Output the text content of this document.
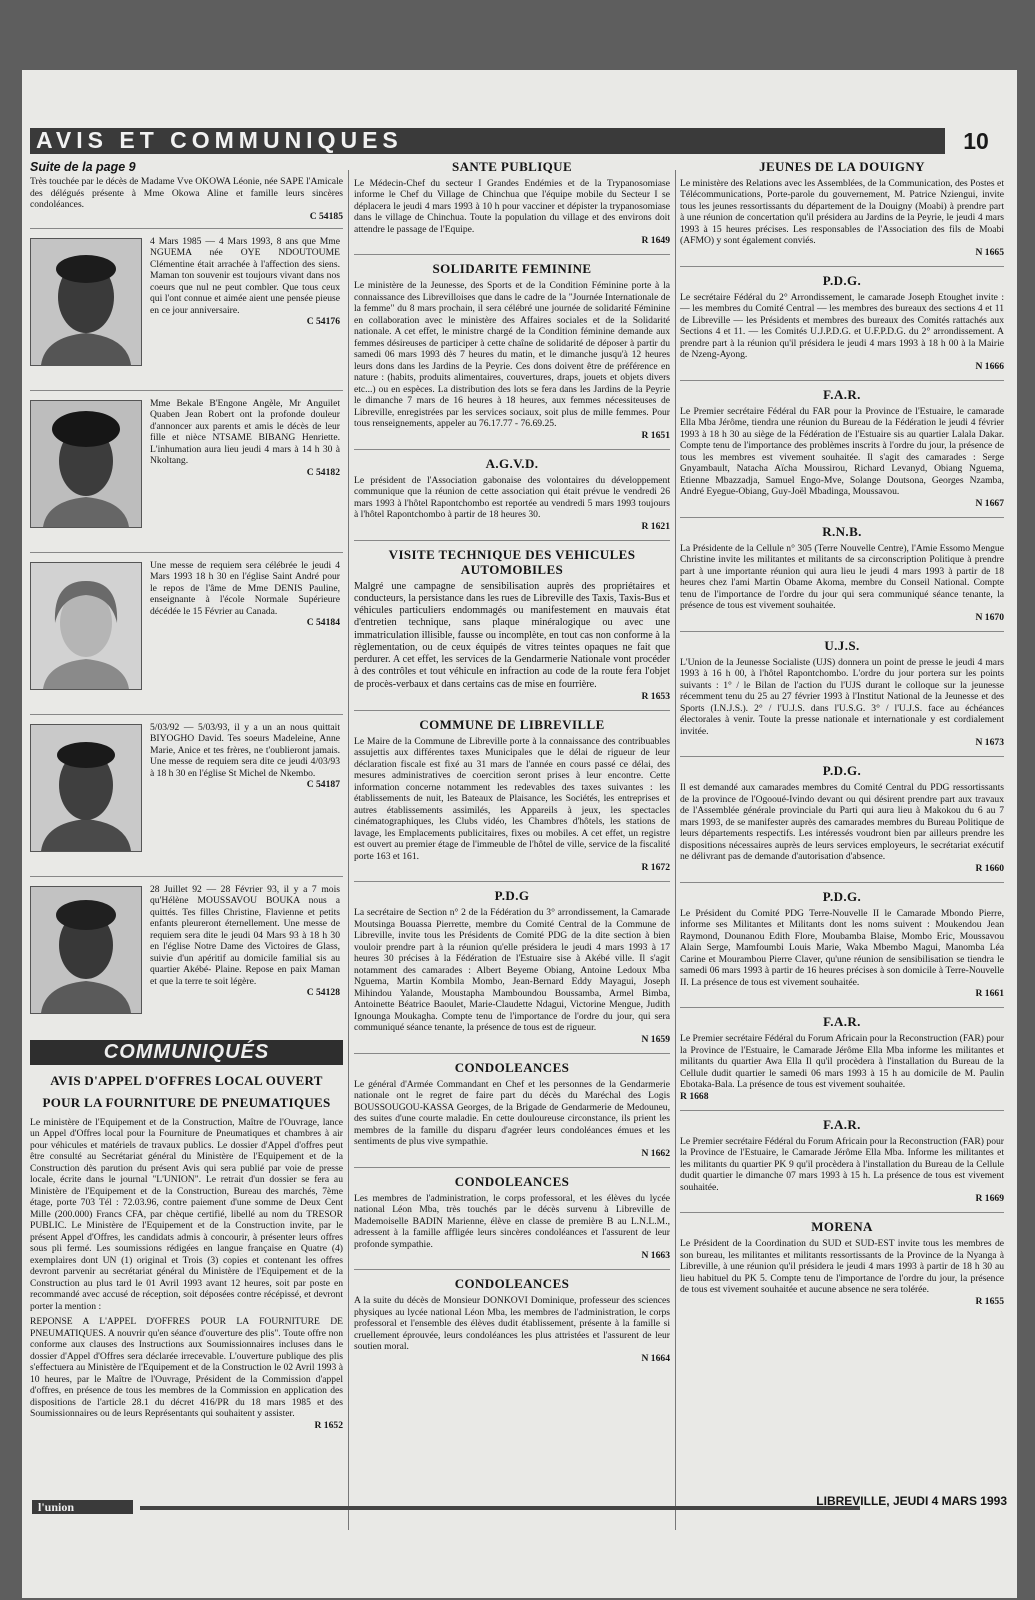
AVIS ET COMMUNIQUES	10
Suite de la page 9

Très touchée par le décès de Madame Vve OKOWA Léonie, née SAPE l'Amicale des délégués présente à Mme Okowa Aline et famille leurs sincères condoléances.

C 54185

4 Mars 1985 — 4 Mars 1993, 8 ans que Mme NGUEMA née OYE NDOUTOUME Clémentine était arrachée à l'affection des siens. Maman ton souvenir est toujours vivant dans nos coeurs que nul ne peut combler. Que tous ceux qui l'ont connue et aimée aient une pensée pieuse en ce jour anniversaire.

C 54176

Mme Bekale B'Engone Angèle, Mr Anguilet Quaben Jean Robert ont la profonde douleur d'annoncer aux parents et amis le décès de leur fille et nièce NTSAME BIBANG Henriette. L'inhumation aura lieu jeudi 4 mars à 14 h 30 à Nkoltang.

C 54182

Une messe de requiem sera célébrée le jeudi 4 Mars 1993 18 h 30 en l'église Saint André pour le repos de l'âme de Mme DENIS Pauline, enseignante à l'école Normale Supérieure décédée le 15 Février au Canada.

C 54184

5/03/92 — 5/03/93, il y a un an nous quittait BIYOGHO David. Tes soeurs Madeleine, Anne Marie, Anice et tes frères, ne t'oublieront jamais. Une messe de requiem sera dite ce jeudi 4/03/93 à 18 h 30 en l'église St Michel de Nkembo.

C 54187

28 Juillet 92 — 28 Février 93, il y a 7 mois qu'Hélène MOUSSAVOU BOUKA nous a quittés. Tes filles Christine, Flavienne et petits enfants pleureront éternellement. Une messe de requiem sera dite le jeudi 04 Mars 93 à 18 h 30 en l'église Notre Dame des Victoires de Glass, suivie d'un apéritif au domicile familial sis au quartier Akébé- Plaine. Repose en paix Maman et que la terre te soit légère.

C 54128

COMMUNIQUÉS
AVIS D'APPEL D'OFFRES LOCAL OUVERT
POUR LA FOURNITURE DE PNEUMATIQUES

Le ministère de l'Equipement et de la Construction, Maître de l'Ouvrage, lance un Appel d'Offres local pour la Fourniture de Pneumatiques et chambres à air pour véhicules et matériels de travaux publics. Le dossier d'Appel d'offres peut être consulté au Secrétariat général du Ministère de l'Equipement et de la Construction dès parution du présent Avis qui sera publié par voie de presse locale, écrite dans le journal "L'UNION". Le retrait d'un dossier se fera au Ministère de l'Equipement et de la Construction, Bureau des marchés, 7ème étage, porte 703 Tél : 72.03.96, contre paiement d'une somme de Deux Cent Mille (200.000) Francs CFA, par chèque certifié, libellé au nom du TRESOR PUBLIC. Le Ministère de l'Equipement et de la Construction invite, par le présent Appel d'Offres, les candidats admis à concourir, à présenter leurs offres sous pli fermé. Les soumissions rédigées en langue française en Quatre (4) exemplaires dont UN (1) original et Trois (3) copies et contenant les offres devront parvenir au secrétariat général du Ministère de l'Equipement et de la Construction au plus tard le 01 Avril 1993 avant 12 heures, soit par poste en recommandé avec accusé de réception, soit déposées contre récépissé, et devront porter la mention :

REPONSE A L'APPEL D'OFFRES POUR LA FOURNITURE DE PNEUMATIQUES. A nouvrir qu'en séance d'ouverture des plis". Toute offre non conforme aux clauses des Instructions aux Soumissionnaires incluses dans le dossier d'Appel d'Offres sera déclarée irrecevable. L'ouverture publique des plis s'effectuera au Ministère de l'Equipement et de la Construction le 02 Avril 1993 à 10 heures, par le Maître de l'Ouvrage, Président de la Commission d'appel d'offres, en présence de tous les membres de la Commission en application des dispositions de l'article 28.1 du décret 416/PR du 18 mars 1985 et des Soumissionnaires ou de leurs Représentants qui souhaitent y assister.

R 1652

SANTE PUBLIQUE

Le Médecin-Chef du secteur I Grandes Endémies et de la Trypanosomiase informe le Chef du Village de Chinchua que l'équipe mobile du Secteur I se déplacera le jeudi 4 mars 1993 à 10 h pour vacciner et dépister la trypanosomiase dans le village de Chinchua. Toute la population du village et des environs doit attendre le passage de l'Equipe.

R 1649

SOLIDARITE FEMININE

Le ministère de la Jeunesse, des Sports et de la Condition Féminine porte à la connaissance des Librevilloises que dans le cadre de la "Journée Internationale de la femme" du 8 mars prochain, il sera célébré une journée de solidarité Féminine en collaboration avec le ministère des Affaires sociales et de la Solidarité nationale. A cet effet, le ministre chargé de la Condition féminine demande aux femmes désireuses de participer à cette chaîne de solidarité de déposer à partir du samedi 06 mars 1993 dès 7 heures du matin, et le dimanche jusqu'à 12 heures leurs dons dans les Jardins de la Peyrie. Ces dons doivent être de préférence en nature : (habits, produits alimentaires, couvertures, draps, jouets et objets divers etc...) ou en espèces. La distribution des lots se fera dans les Jardins de la Peyrie le dimanche 7 mars de 16 heures à 18 heures, aux femmes nécessiteuses de Libreville, enregistrées par les services sociaux, soit plus de mille femmes. Pour tous renseignements, appeler au 76.17.77 - 76.69.25.

R 1651

A.G.V.D.

Le président de l'Association gabonaise des volontaires du développement communique que la réunion de cette association qui était prévue le vendredi 26 mars 1993 à l'hôtel Rapontchombo est reportée au vendredi 5 mars 1993 toujours à l'hôtel Rapontchombo à partir de 18 heures 30.

R 1621

VISITE TECHNIQUE DES VEHICULES AUTOMOBILES

Malgré une campagne de sensibilisation auprès des propriétaires et conducteurs, la persistance dans les rues de Libreville des Taxis, Taxis-Bus et véhicules particuliers endommagés ou manifestement en mauvais état d'entretien technique, sans plaque minéralogique ou avec une immatriculation illisible, fausse ou incomplète, en tout cas non conforme à la règlementation, ou de ceux équipés de vitres teintes opaques ne fait que perdurer. A cet effet, les services de la Gendarmerie Nationale vont procéder à des contrôles et tout véhicule en infraction au code de la route fera l'objet de procès-verbaux et dans certains cas de mise en fourrière.

R 1653

COMMUNE DE LIBREVILLE

Le Maire de la Commune de Libreville porte à la connaissance des contribuables assujettis aux différentes taxes Municipales que le délai de rigueur de leur déclaration fiscale est fixé au 31 mars de l'année en cours passé ce délai, des mesures administratives de coercition seront prises à leur encontre. Cette information concerne notamment les redevables des taxes suivantes : les établissements de nuit, les Bateaux de Plaisance, les Sociétés, les entreprises et autres établissements assimilés, les Appareils à jeux, les spectacles cinématographiques, les Clubs vidéo, les Chambres d'hôtels, les stations de lavage, les Emplacements publicitaires, fixes ou mobiles. A cet effet, un registre est ouvert au premier étage de l'immeuble de l'hôtel de ville, service de la fiscalité porte 163 et 161.

R 1672

P.D.G

La secrétaire de Section n° 2 de la Fédération du 3° arrondissement, la Camarade Moutsinga Bouassa Pierrette, membre du Comité Central de la Commune de Libreville, invite tous les Présidents de Comité PDG de la dite section à bien vouloir prendre part à la réunion qu'elle présidera le jeudi 4 mars 1993 à 17 heures 30 précises à la Fédération de l'Estuaire sise à Akébé ville. Il s'agit notamment des camarades : Albert Beyeme Obiang, Antoine Ledoux Mba Nguema, Martin Kombila Mombo, Jean-Bernard Eddy Mayagui, Joseph Mihindou Yalande, Moustapha Mamboundou Boussamba, Armel Bimba, Antoinette Béatrice Baoulet, Marie-Claudette Ndagui, Victorine Mengue, Judith Ignounga Moukagha. Compte tenu de l'importance de l'ordre du jour, qui sera communiqué séance tenante, la présence de tous est de rigueur.

N 1659

CONDOLEANCES

Le général d'Armée Commandant en Chef et les personnes de la Gendarmerie nationale ont le regret de faire part du décès du Maréchal des Logis BOUSSOUGOU-KASSA Georges, de la Brigade de Gendarmerie de Medouneu, des suites d'une courte maladie. En cette douloureuse circonstance, ils prient les membres de la famille du disparu d'agréer leurs condoléances émues et les sentiments de plus vive sympathie.

N 1662

CONDOLEANCES

Les membres de l'administration, le corps professoral, et les élèves du lycée national Léon Mba, très touchés par le décès survenu à Libreville de Mademoiselle BADIN Marienne, élève en classe de première B au L.N.L.M., adressent à la famille affligée leurs sincères condoléances et l'assurent de leur profonde sympathie.

N 1663

CONDOLEANCES

A la suite du décès de Monsieur DONKOVI Dominique, professeur des sciences physiques au lycée national Léon Mba, les membres de l'administration, le corps professoral et l'ensemble des élèves dudit établissement, présente à la famille si cruellement éprouvée, leurs condoléances les plus attristées et l'assurent de leur soutien moral.

N 1664

JEUNES DE LA DOUIGNY

Le ministère des Relations avec les Assemblées, de la Communication, des Postes et Télécommunications, Porte-parole du gouvernement, M. Patrice Nziengui, invite tous les jeunes ressortissants du département de la Douigny (Moabi) à prendre part à une réunion de concertation qu'il présidera au Jardins de la Peyrie, le jeudi 4 mars 1993 à 15 heures précises. Les responsables de l'Association des fils de Moabi (AFMO) y sont également conviés.

N 1665

P.D.G.

Le secrétaire Fédéral du 2° Arrondissement, le camarade Joseph Etoughet invite : — les membres du Comité Central — les membres des bureaux des sections 4 et 11 de Libreville — les Présidents et membres des bureaux des Comités rattachés aux Sections 4 et 11. — les Comités U.J.P.D.G. et U.F.P.D.G. du 2° arrondissement. A prendre part à la réunion qu'il présidera le jeudi 4 mars 1993 à 18 h 00 à la Mairie de Nzeng-Ayong.

N 1666

F.A.R.

Le Premier secrétaire Fédéral du FAR pour la Province de l'Estuaire, le camarade Ella Mba Jérôme, tiendra une réunion du Bureau de la Fédération le jeudi 4 février 1993 à 18 h 30 au siège de la Fédération de l'Estuaire sis au quartier Lalala Dakar. Compte tenu de l'importance des problèmes inscrits à l'ordre du jour, la présence de tous les membres est vivement souhaitée. Il s'agit des camarades : Serge Gnyambault, Natacha Aïcha Moussirou, Richard Levanyd, Obiang Nguema, Etienne Mbazzadja, Samuel Engo-Mve, Solange Doutsona, Georges Nzamba, André Eyegue-Obiang, Guy-Joël Mbadinga, Moussavou.

N 1667

R.N.B.

La Présidente de la Cellule n° 305 (Terre Nouvelle Centre), l'Amie Essomo Mengue Christine invite les militantes et militants de sa circonscription Politique à prendre part à une importante réunion qui aura lieu le jeudi 4 mars 1993 à partir de 18 heures chez l'ami Martin Obame Akoma, membre du Conseil National. Compte tenu de l'importance de l'ordre du jour qui sera communiqué séance tenante, la présence de tous est vivement souhaitée.

N 1670

U.J.S.

L'Union de la Jeunesse Socialiste (UJS) donnera un point de presse le jeudi 4 mars 1993 à 16 h 00, à l'hôtel Rapontchombo. L'ordre du jour portera sur les points suivants : 1° / le Bilan de l'action du l'UJS durant le colloque sur la jeunesse récemment tenu du 25 au 27 février 1993 à l'Institut National de la Jeunesse et des Sports (I.N.J.S.). 2° / l'U.J.S. dans l'U.S.G. 3° / l'U.J.S. face au échéances électorales à venir. Toute la presse nationale et internationale y est cordialement invitée.

N 1673

P.D.G.

Il est demandé aux camarades membres du Comité Central du PDG ressortissants de la province de l'Ogooué-Ivindo devant ou qui désirent prendre part aux travaux de l'Assemblée générale provinciale du Parti qui aura lieu à Makokou du 6 au 7 mars 1993, de se manifester auprès des camarades membres du Bureau Politique de leurs départements respectifs. Les intéressés voudront bien par ailleurs prendre les dispositions nécessaires auprès de leurs services employeurs, le secrétariat exécutif ne délivrant pas de demande d'autorisation d'absence.

R 1660

P.D.G.

Le Président du Comité PDG Terre-Nouvelle II le Camarade Mbondo Pierre, informe ses Militantes et Militants dont les noms suivent : Moukendou Jean Raymond, Dounanou Edith Flore, Moubamba Blaise, Mombo Eric, Moussavou Alain Serge, Mamfoumbi Louis Marie, Waka Mbembo Magui, Manomba Léa Carine et Mourambou Pierre Claver, qu'une réunion de sensibilisation se tiendra le samedi 06 mars 1993 à partir de 16 heures précises à son domicile à Terre-Nouvelle II. La présence de tous est vivement souhaitée.

R 1661

F.A.R.

Le Premier secrétaire Fédéral du Forum Africain pour la Reconstruction (FAR) pour la Province de l'Estuaire, le Camarade Jérôme Ella Mba informe les militantes et militants du quartier Awa Ella Il qu'il procèdera à l'installation du Bureau de la Cellule dudit quartier le samedi 06 mars 1993 à 15 h au domicile de M. Paulin Ebotaka-Bala. La présence de tous est vivement souhaitée.

R 1668

F.A.R.

Le Premier secrétaire Fédéral du Forum Africain pour la Reconstruction (FAR) pour la Province de l'Estuaire, le Camarade Jérôme Ella Mba. Informe les militantes et les militants du quartier PK 9 qu'il procèdera à l'installation du Bureau de la Cellule dudit quartier le dimanche 07 mars 1993 à 15 h. La présence de tous est vivement souhaitée.

R 1669

MORENA

Le Président de la Coordination du SUD et SUD-EST invite tous les membres de son bureau, les militantes et militants ressortissants de la Province de la Nyanga à Libreville, à une réunion qu'il présidera le jeudi 4 mars 1993 à partir de 18 h 30 au lieu habituel du PK 5. Compte tenu de l'importance de l'ordre du jour, la présence de tous est vivement souhaitée et aucune absence ne sera tolérée.

R 1655

l'union	LIBREVILLE, JEUDI 4 MARS 1993
